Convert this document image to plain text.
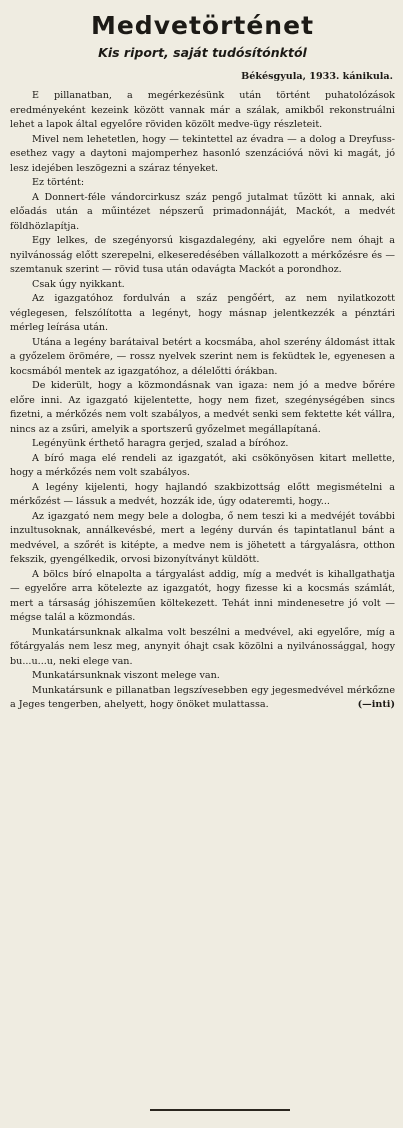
Medvetörténet
Kis riport, saját tudósítónktól
Békésgyula, 1933. kánikula.

E pillanatban, a megérkezésünk után történt puhatolózások eredményeként kezeink között vannak már a szálak, amikből rekonstruálni lehet a lapok által egyelőre röviden közölt medve-ügy részleteit.

Mivel nem lehetetlen, hogy — tekintettel az évadra — a dolog a Dreyfuss-esethez vagy a daytoni majomperhez hasonló szenzációvá növi ki magát, jó lesz idejében leszögezni a száraz tényeket.

Ez történt:

A Donnert-féle vándorcirkusz száz pengő jutalmat tűzött ki annak, aki előadás után a műintézet népszerű primadonnáját, Mackót, a medvét földhözlapítja.

Egy lelkes, de szegényorsú kisgazdalegény, aki egyelőre nem óhajt a nyilvánosság előtt szerepelni, elkeseredésében vállalkozott a mérkőzésre és — szemtanuk szerint — rövid tusa után odavágta Mackót a porondhoz.

Csak úgy nyikkant.

Az igazgatóhoz fordulván a száz pengőért, az nem nyilatkozott véglegesen, felszólította a legényt, hogy másnap jelentkezzék a pénztári mérleg leírása után.

Utána a legény barátaival betért a kocsmába, ahol szerény áldomást ittak a győzelem örömére, — rossz nyelvek szerint nem is feküdtek le, egyenesen a kocsmából mentek az igazgatóhoz, a délelőtti órákban.

De kiderült, hogy a közmondásnak van igaza: nem jó a medve bőrére előre inni. Az igazgató kijelentette, hogy nem fizet, szegénységében sincs fizetni, a mérkőzés nem volt szabályos, a medvét senki sem fektette két vállra, nincs az a zsűri, amelyik a sportszerű győzelmet megállapítaná.

Legényünk érthető haragra gerjed, szalad a bíróhoz.

A bíró maga elé rendeli az igazgatót, aki csökönyösen kitart mellette, hogy a mérkőzés nem volt szabályos.

A legény kijelenti, hogy hajlandó szakbizottság előtt megismételni a mérkőzést — lássuk a medvét, hozzák ide, úgy odateremti, hogy...

Az igazgató nem megy bele a dologba, ő nem teszi ki a medvéjét további inzultusoknak, annálkevésbé, mert a legény durván és tapintatlanul bánt a medvével, a szőrét is kitépte, a medve nem is jöhetett a tárgyalásra, otthon fekszik, gyengélkedik, orvosi bizonyítványt küldött.

A bölcs bíró elnapolta a tárgyalást addig, míg a medvét is kihallgathatja — egyelőre arra kötelezte az igazgatót, hogy fizesse ki a kocsmás számlát, mert a társaság jóhiszeműen költekezett. Tehát inni mindenesetre jó volt — mégse talál a közmondás.

Munkatársunknak alkalma volt beszélni a medvével, aki egyelőre, míg a főtárgyalás nem lesz meg, anynyit óhajt csak közölni a nyilvánossággal, hogy bu...u...u, neki elege van.

Munkatársunknak viszont melege van.

Munkatársunk e pillanatban legszívesebben egy jegesmedvével mérkőzne a Jeges tengerben, ahelyett, hogy önöket mulattassa.	(—inti)
